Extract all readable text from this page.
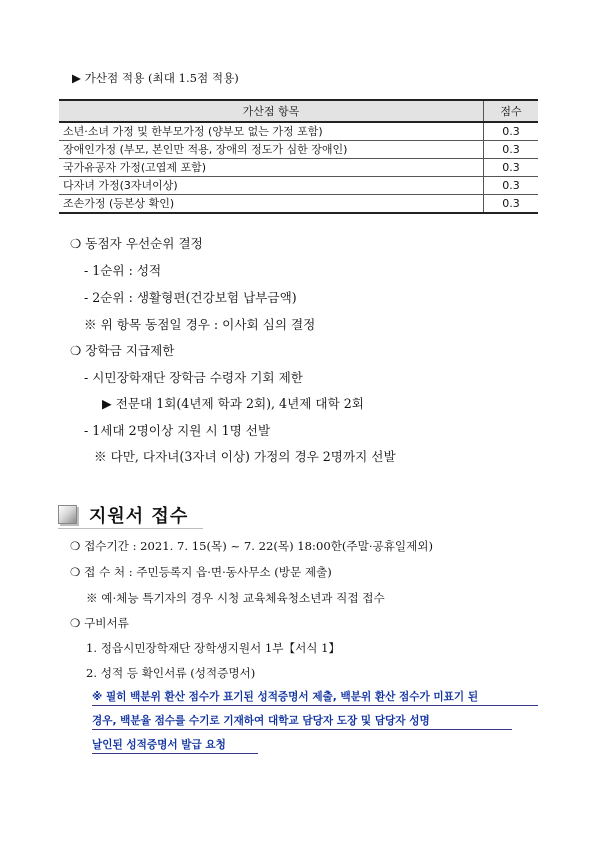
▶ 가산점 적용 (최대 1.5점 적용)
가산점 항목	점수
소년·소녀 가정 및 한부모가정 (양부모 없는 가정 포함)	0.3
장애인가정 (부모, 본인만 적용, 장애의 정도가 심한 장애인)	0.3
국가유공자 가정(고엽제 포함)	0.3
다자녀 가정(3자녀이상)	0.3
조손가정 (등본상 확인)	0.3
❍ 동점자 우선순위 결정
- 1순위 : 성적
- 2순위 : 생활형편(건강보험 납부금액)
※ 위 항목 동점일 경우 : 이사회 심의 결정
❍ 장학금 지급제한
- 시민장학재단 장학금 수령자 기회 제한
▶ 전문대 1회(4년제 학과 2회), 4년제 대학 2회
- 1세대 2명이상 지원 시 1명 선발
※ 다만, 다자녀(3자녀 이상) 가정의 경우 2명까지 선발
지원서 접수
❍ 접수기간 : 2021. 7. 15(목) ~ 7. 22(목) 18:00한(주말·공휴일제외)
❍ 접 수 처 : 주민등록지 읍·면·동사무소 (방문 제출)
※ 예·체능 특기자의 경우 시청 교육체육청소년과 직접 접수
❍ 구비서류
1. 정읍시민장학재단 장학생지원서 1부【서식 1】
2. 성적 등 확인서류 (성적증명서)
※ 필히 백분위 환산 점수가 표기된 성적증명서 제출, 백분위 환산 점수가 미표기 된
경우, 백분율 점수를 수기로 기재하여 대학교 담당자 도장 및 담당자 성명
날인된 성적증명서 발급 요청
